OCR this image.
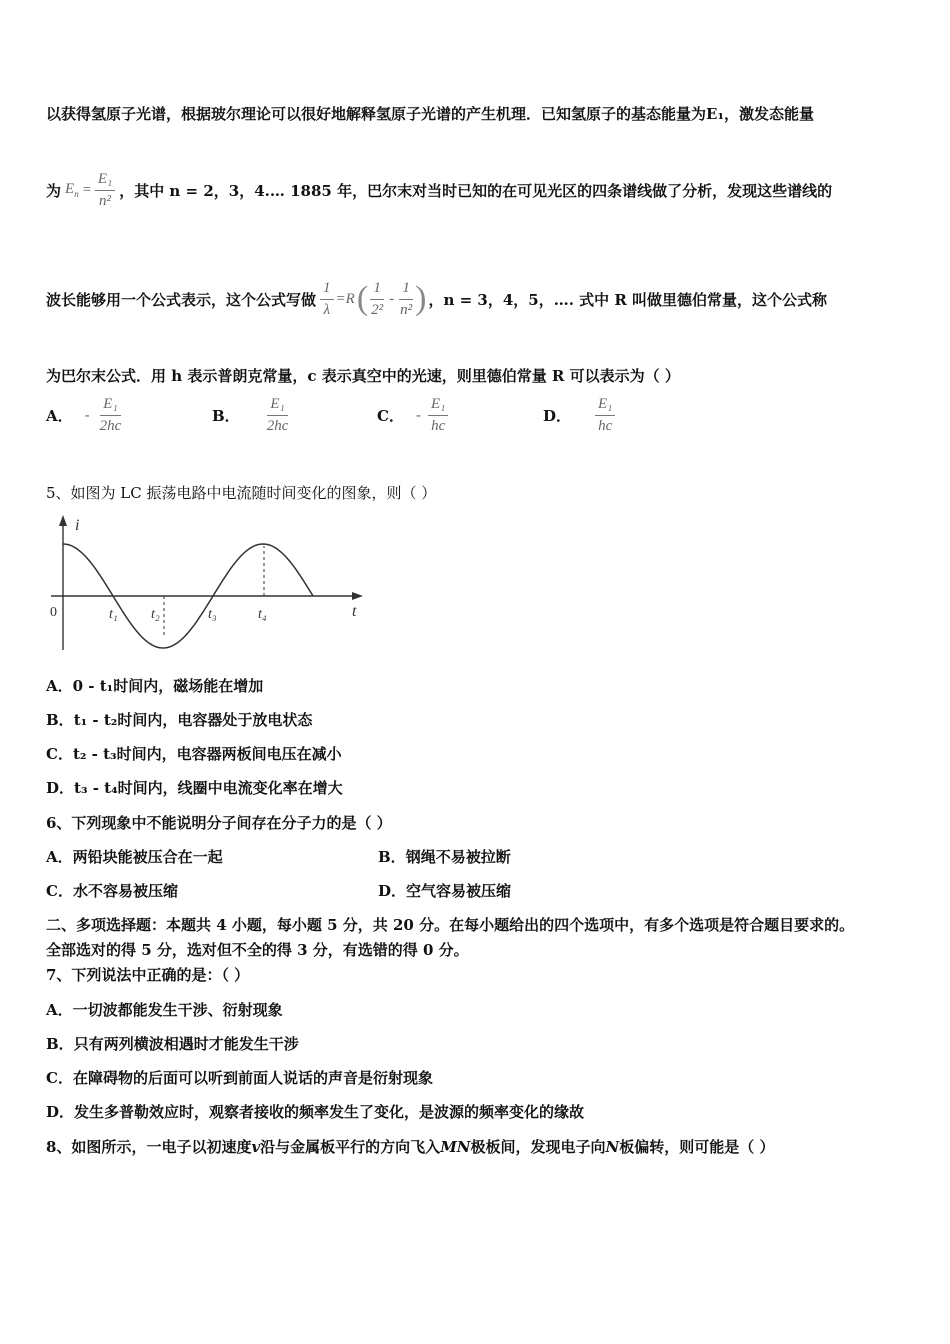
以获得氢原子光谱，根据玻尔理论可以很好地解释氢原子光谱的产生机理．已知氢原子的基态能量为E₁，激发态能量
为 $E_n = \frac{\text{E₁}}{\text{n²}}$ ，其中 n = 2，3，4.… 1885 年，巴尔末对当时已知的在可见光区的四条谱线做了分析，发现这些谱线的
波长能够用一个公式表示，这个公式写做 $\frac{1}{\lambda} =R$ ( $\frac{1}{\text{2²}} - \frac{1}{\text{n²}}$ ) ，n = 3，4，5，…. 式中 R 叫做里德伯常量，这个公式称
为巴尔末公式．用 h 表示普朗克常量，c 表示真空中的光速，则里德伯常量 R 可以表示为（ ）
A． - $\frac{\text{E₁}}{2hc}$	B． $\frac{\text{E₁}}{2hc}$	C． - $\frac{\text{E₁}}{hc}$	D． $\frac{\text{E₁}}{hc}$
5、如图为 LC 振荡电路中电流随时间变化的图象，则（ ）
i
t
0	t₁ t₂	t₃	t₄
A．0 - t₁时间内，磁场能在增加
B．t₁ - t₂时间内，电容器处于放电状态
C．t₂ - t₃时间内，电容器两板间电压在减小
D．t₃ - t₄时间内，线圈中电流变化率在增大
6、下列现象中不能说明分子间存在分子力的是（ ）
A．两铅块能被压合在一起	B．钢绳不易被拉断
C．水不容易被压缩	D．空气容易被压缩
二、多项选择题：本题共 4 小题，每小题 5 分，共 20 分。在每小题给出的四个选项中，有多个选项是符合题目要求的。
全部选对的得 5 分，选对但不全的得 3 分，有选错的得 0 分。
7、下列说法中正确的是：（ ）
A．一切波都能发生干涉、衍射现象
B．只有两列横波相遇时才能发生干涉
C．在障碍物的后面可以听到前面人说话的声音是衍射现象
D．发生多普勒效应时，观察者接收的频率发生了变化，是波源的频率变化的缘故
8、如图所示，一电子以初速度v沿与金属板平行的方向飞入MN极板间，发现电子向N板偏转，则可能是（ ）
